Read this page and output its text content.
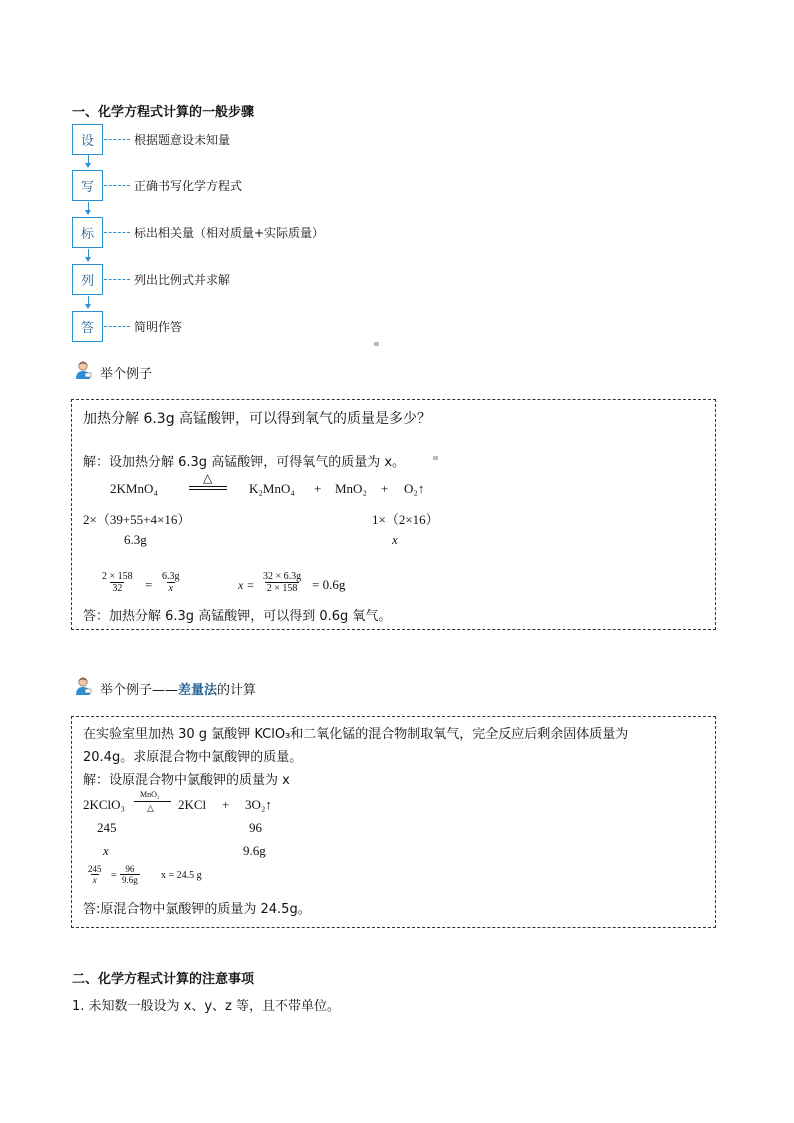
一、化学方程式计算的一般步骤
设	根据题意设未知量
写	正确书写化学方程式
标	标出相关量（相对质量+实际质量）
列	列出比例式并求解
答	简明作答
举个例子
加热分解 6.3g 高锰酸钾，可以得到氧气的质量是多少？
解：设加热分解 6.3g 高锰酸钾，可得氧气的质量为 x。
2KMnO₄
△
K₂MnO₄ + MnO₂ + O₂↑
2×（39+55+4×16）	1×（2×16）
6.3g	x
$\frac{2 \times 158}{32} = \frac{6.3g}{x}$	$x = \frac{32 \times 6.3g}{2 \times 158} = 0.6g$
答：加热分解 6.3g 高锰酸钾，可以得到 0.6g 氧气。
举个例子——差量法的计算
在实验室里加热 30 g 氯酸钾 KClO₃和二氧化锰的混合物制取氧气，完全反应后剩余固体质量为
20.4g。求原混合物中氯酸钾的质量。
解：设原混合物中氯酸钾的质量为 x
2KClO₃
MnO₂
△ 2KCl + 3O₂↑
245	96
x	9.6g
$\frac{245}{x} = \frac{96}{9.6g}$ x = 24.5 g
答:原混合物中氯酸钾的质量为 24.5g。
二、化学方程式计算的注意事项
1. 未知数一般设为 x、y、z 等，且不带单位。
